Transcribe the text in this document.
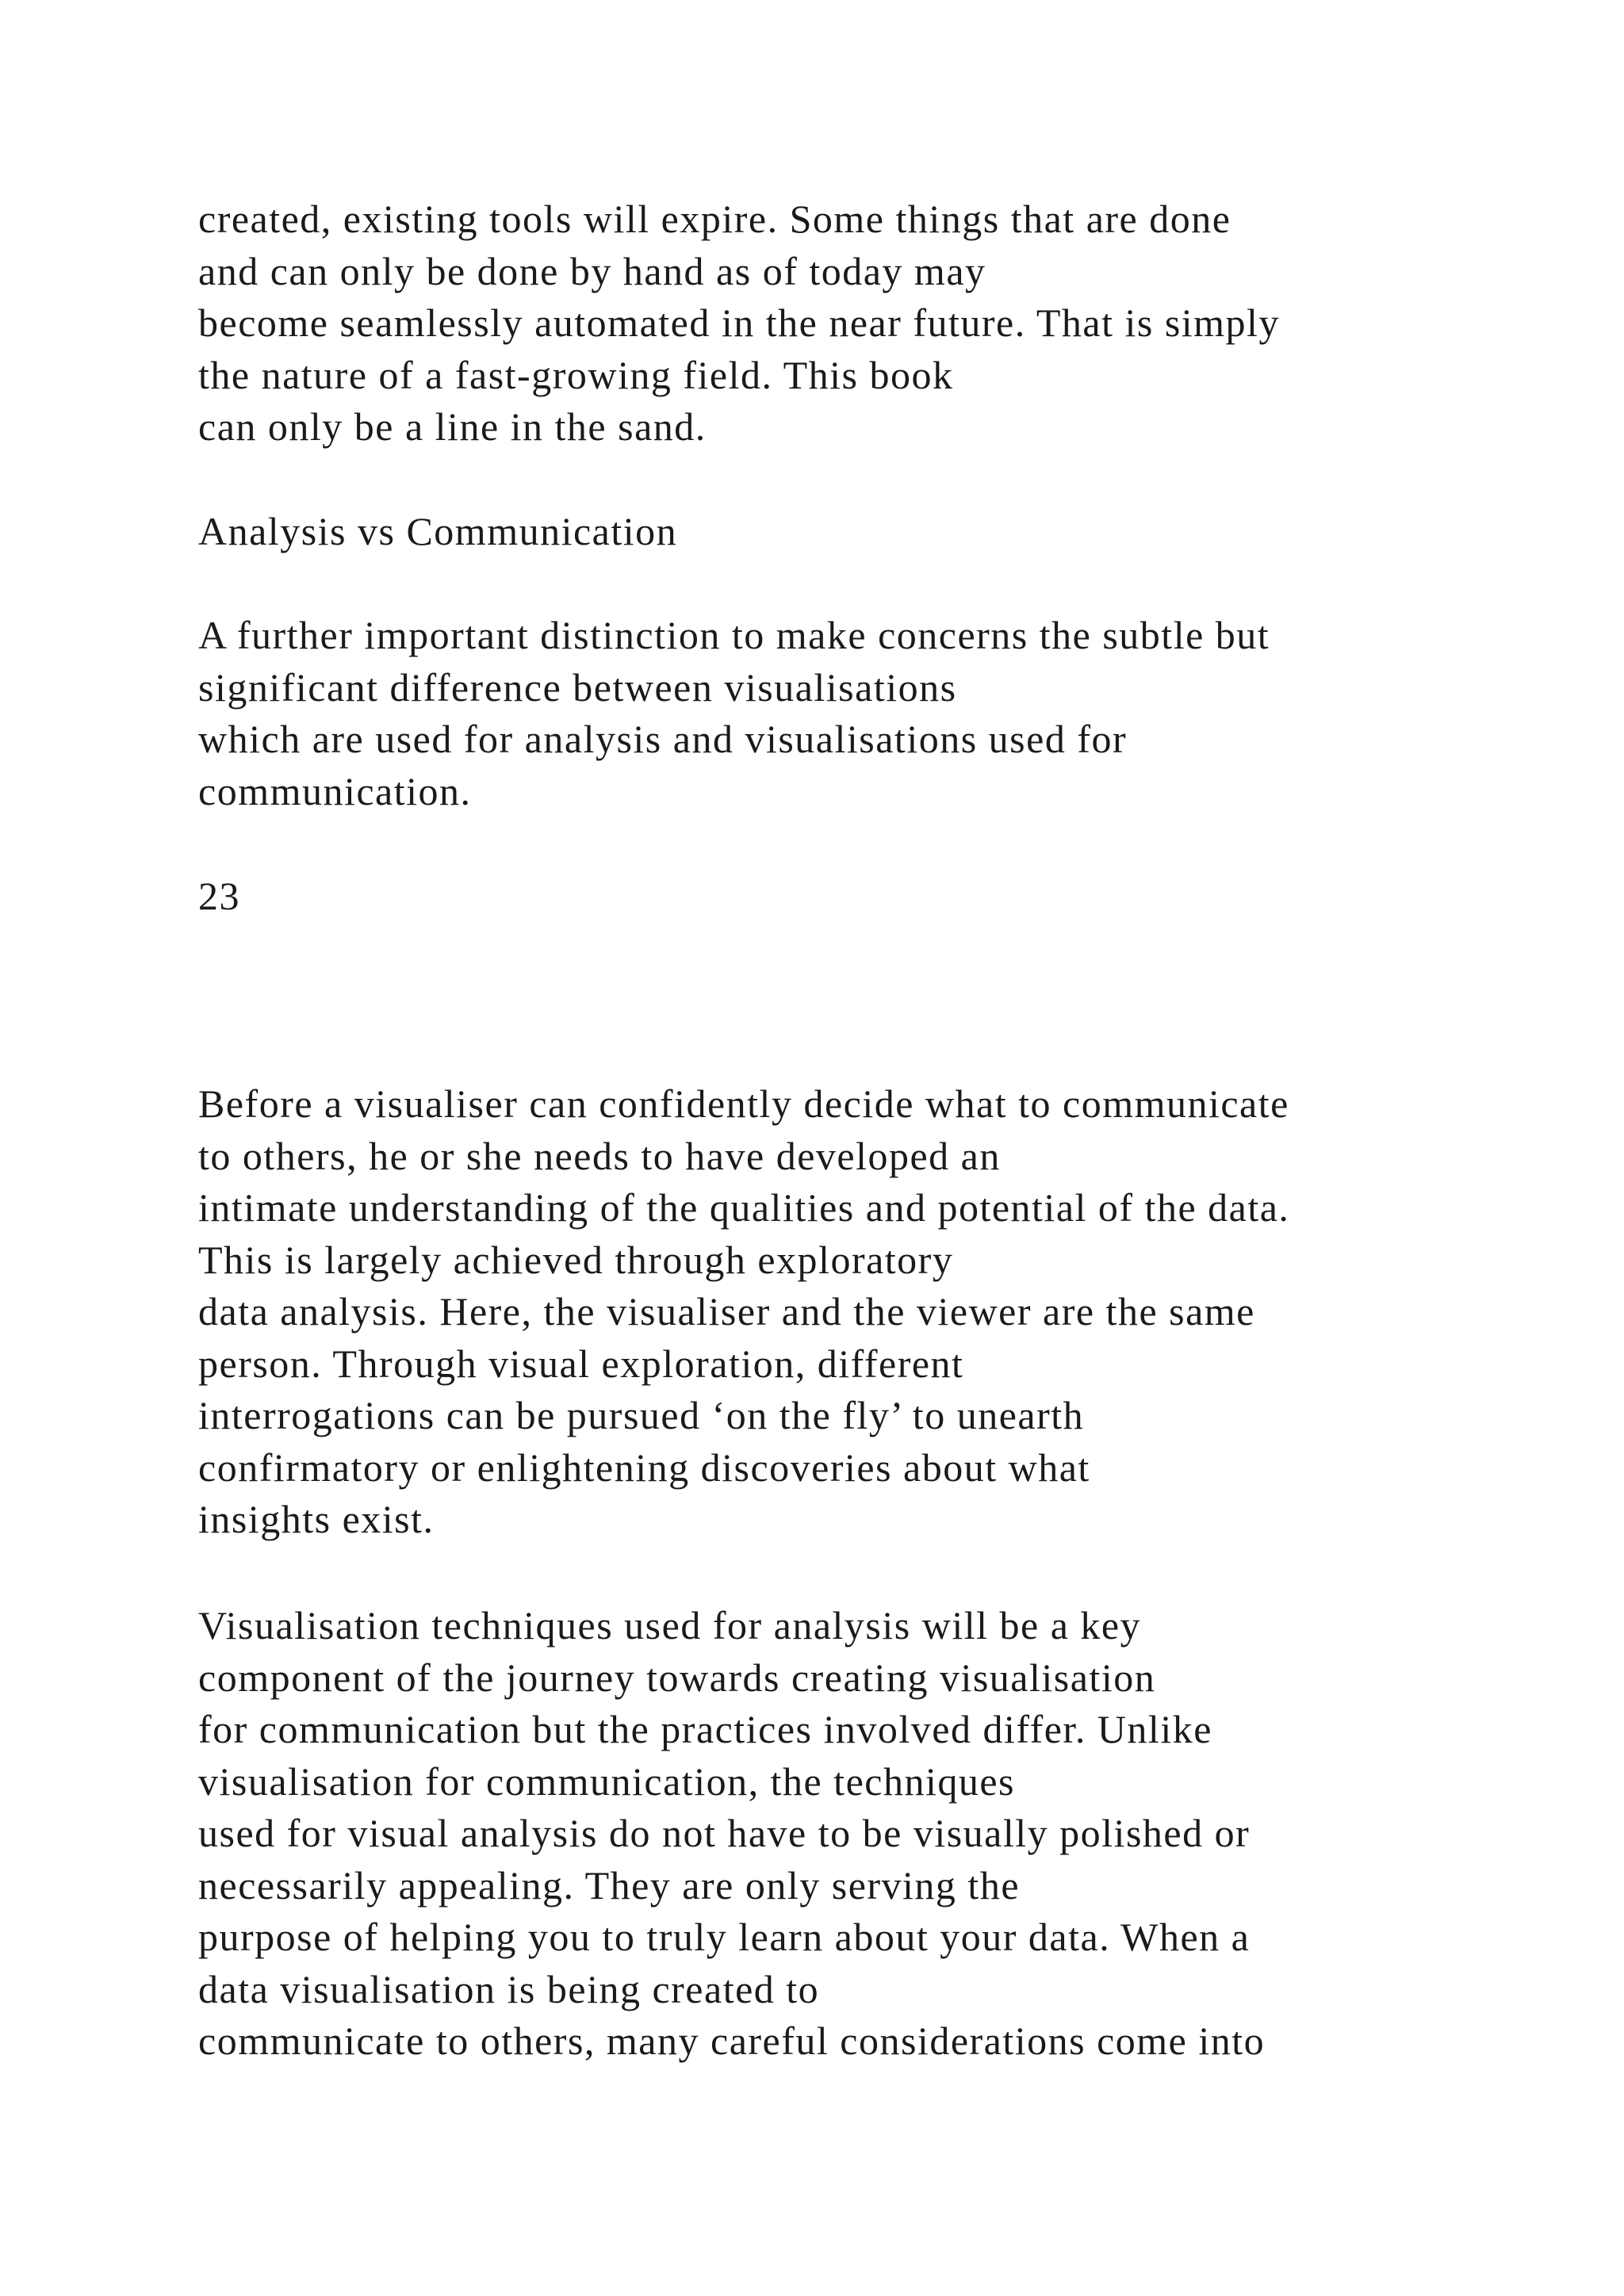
created, existing tools will expire. Some things that are done
and can only be done by hand as of today may
become seamlessly automated in the near future. That is simply
the nature of a fast-growing field. This book
can only be a line in the sand.
Analysis vs Communication
A further important distinction to make concerns the subtle but
significant difference between visualisations
which are used for analysis and visualisations used for
communication.
23
Before a visualiser can confidently decide what to communicate
to others, he or she needs to have developed an
intimate understanding of the qualities and potential of the data.
This is largely achieved through exploratory
data analysis. Here, the visualiser and the viewer are the same
person. Through visual exploration, different
interrogations can be pursued ‘on the fly’ to unearth
confirmatory or enlightening discoveries about what
insights exist.
Visualisation techniques used for analysis will be a key
component of the journey towards creating visualisation
for communication but the practices involved differ. Unlike
visualisation for communication, the techniques
used for visual analysis do not have to be visually polished or
necessarily appealing. They are only serving the
purpose of helping you to truly learn about your data. When a
data visualisation is being created to
communicate to others, many careful considerations come into
